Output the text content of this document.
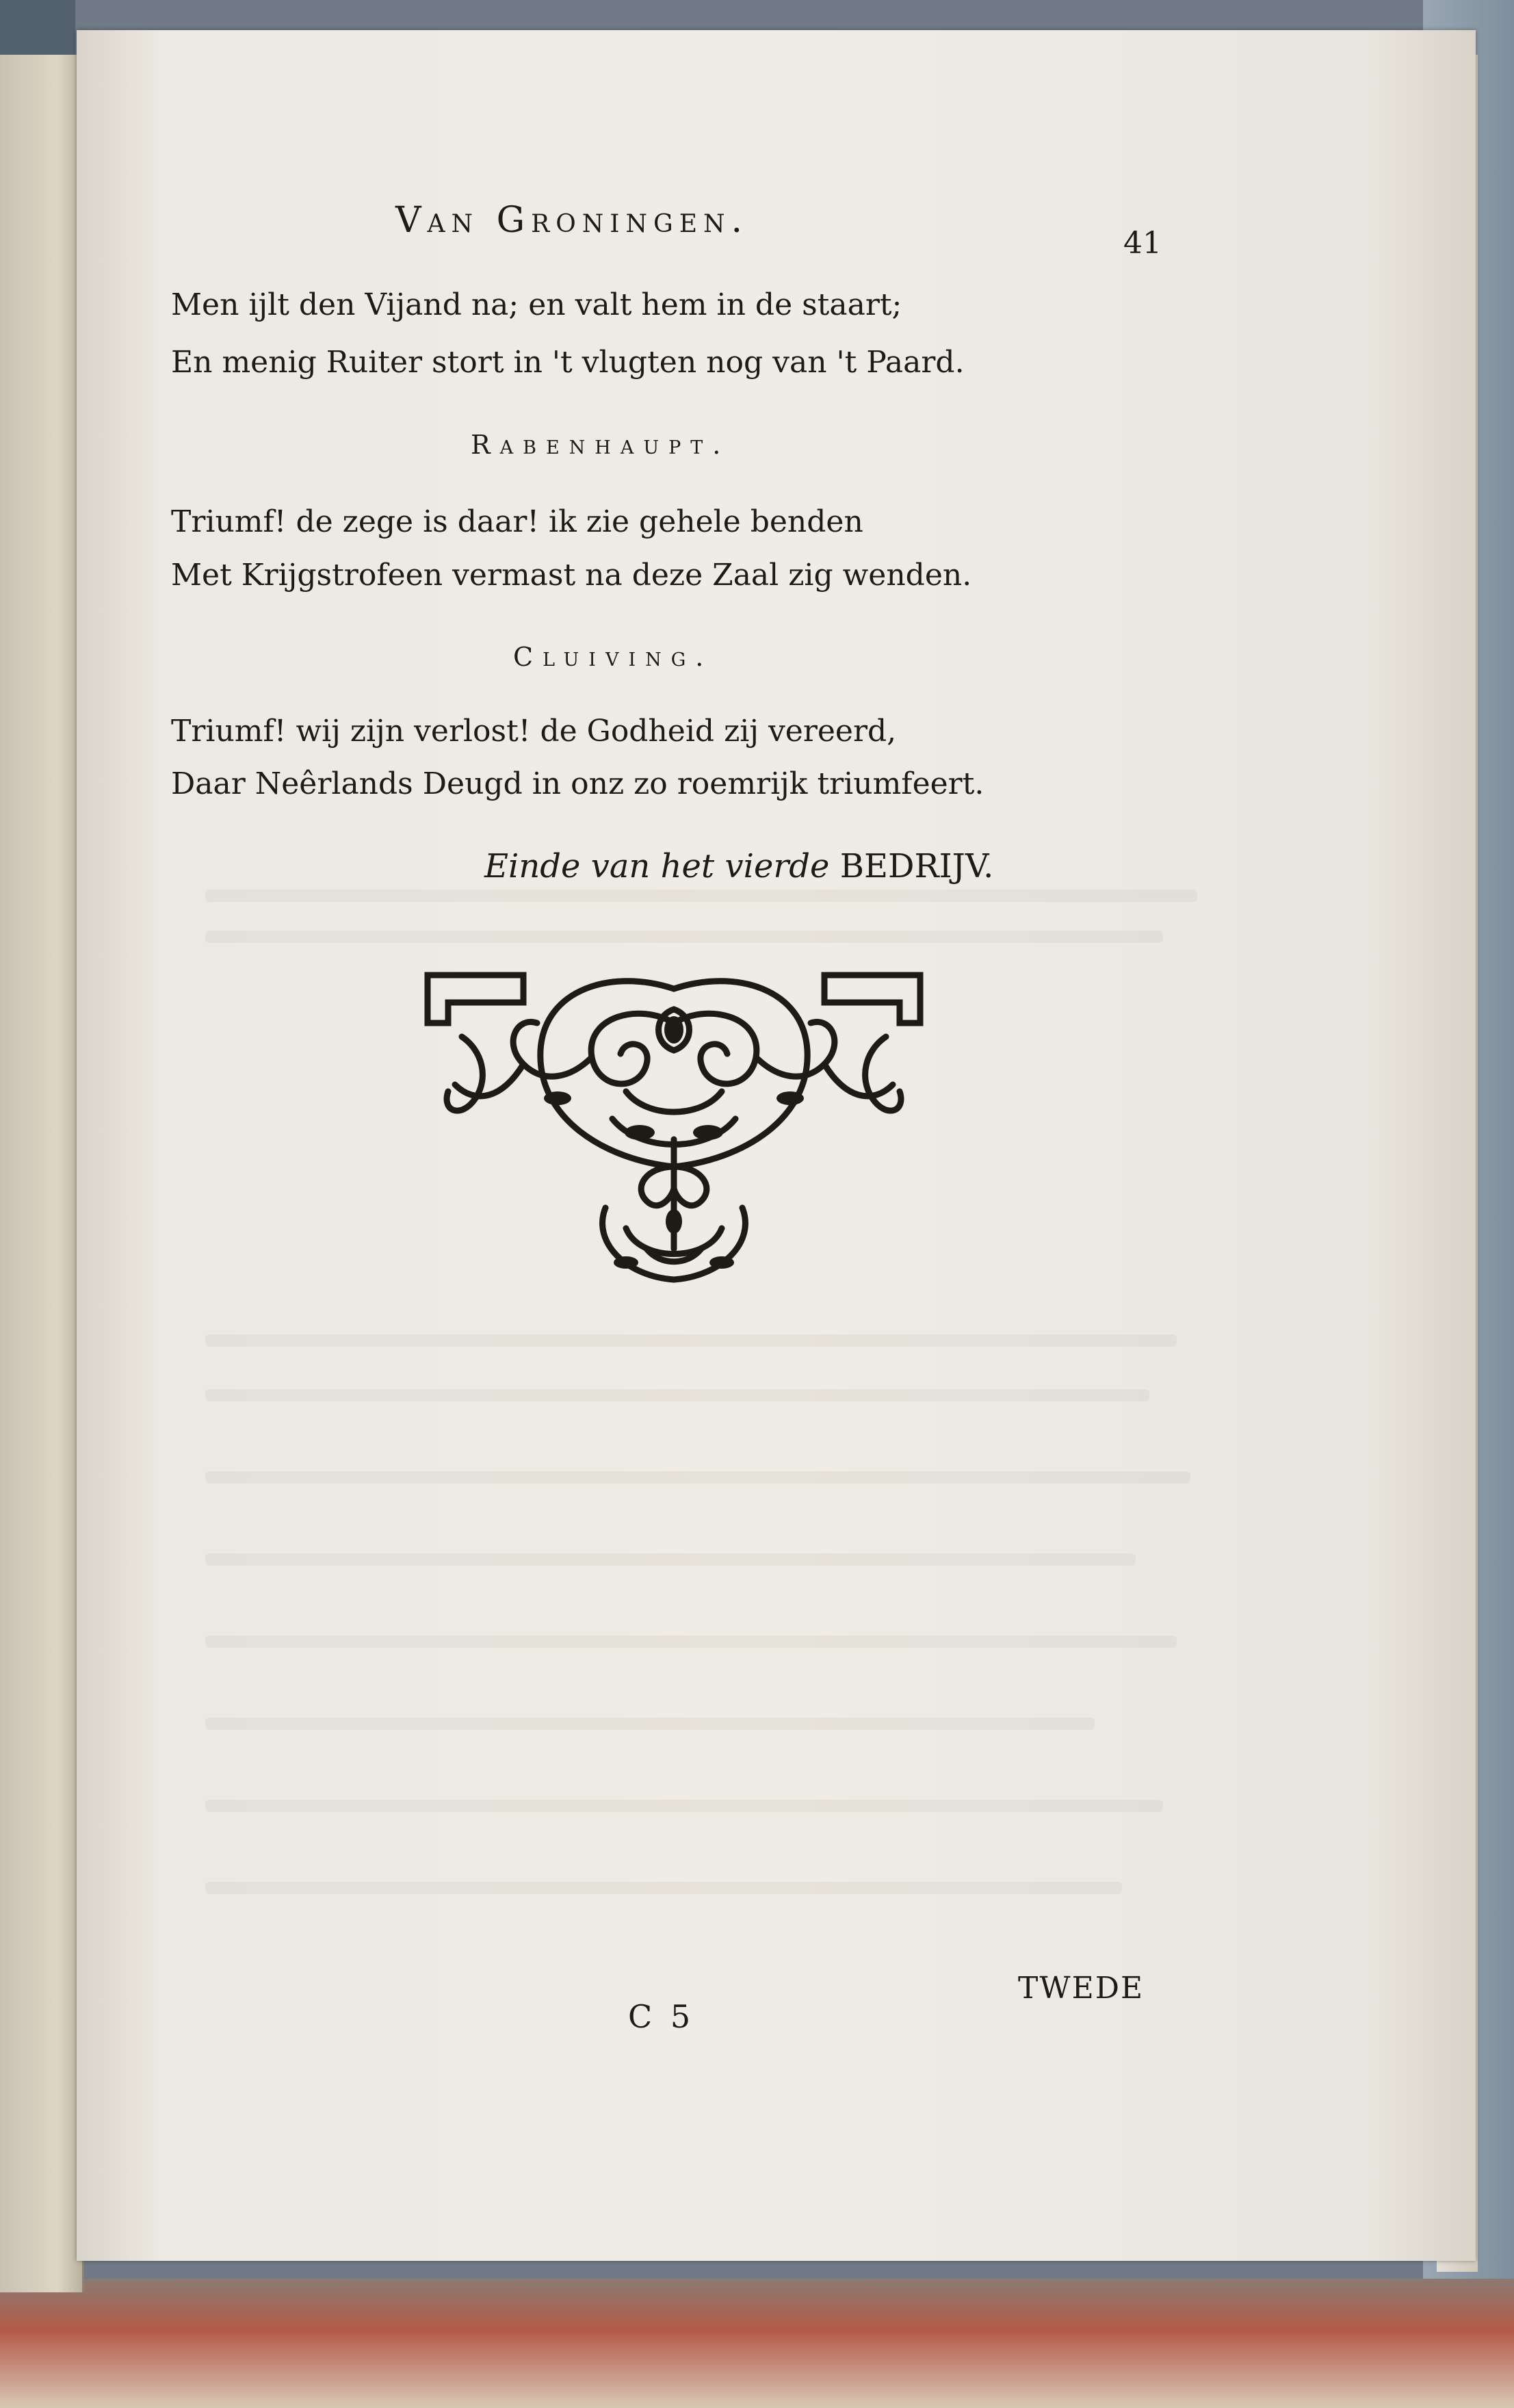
Van Groningen.
41
Men ijlt den Vijand na; en valt hem in de staart;
En menig Ruiter stort in 't vlugten nog van 't Paard.
Rabenhaupt.
Triumf! de zege is daar! ik zie gehele benden
Met Krijgstrofeen vermast na deze Zaal zig wenden.
Cluiving.
Triumf! wij zijn verlost! de Godheid zij vereerd,
Daar Neêrlands Deugd in onz zo roemrijk triumfeert.
Einde van het vierde BEDRIJV.
C 5
TWEDE
